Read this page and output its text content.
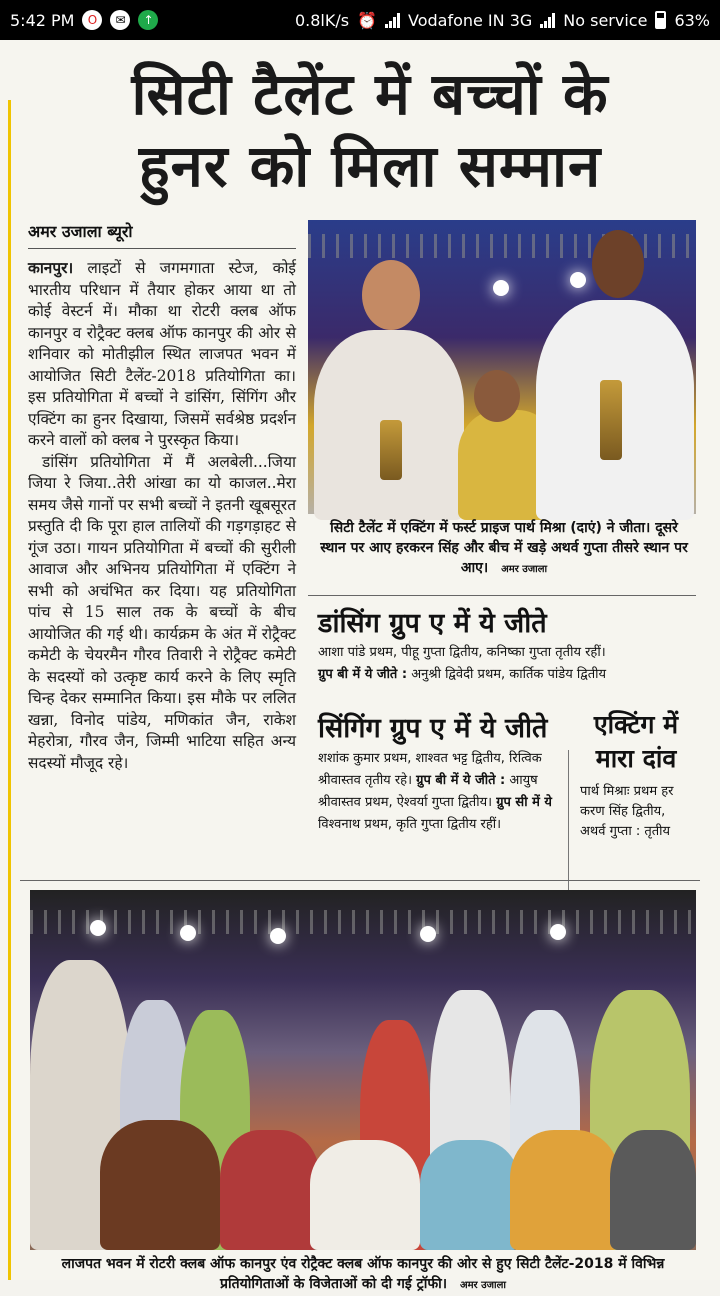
5:42 PM	O	✉	↑	0.8lK/s ⏰ Vodafone IN 3G No service 63%
सिटी टैलेंट में बच्चों के
हुनर को मिला सम्मान
अमर उजाला ब्यूरो

कानपुर। लाइटों से जगमगाता स्टेज, कोई भारतीय परिधान में तैयार होकर आया था तो कोई वेस्टर्न में। मौका था रोटरी क्लब ऑफ कानपुर व रोट्रैक्ट क्लब ऑफ कानपुर की ओर से शनिवार को मोतीझील स्थित लाजपत भवन में आयोजित सिटी टैलेंट-2018 प्रतियोगिता का। इस प्रतियोगिता में बच्चों ने डांसिंग, सिंगिंग और एक्टिंग का हुनर दिखाया, जिसमें सर्वश्रेष्ठ प्रदर्शन करने वालों को क्लब ने पुरस्कृत किया।

डांसिंग प्रतियोगिता में मैं अलबेली...जिया जिया रे जिया..तेरी आंखा का यो काजल..मेरा समय जैसे गानों पर सभी बच्चों ने इतनी खूबसूरत प्रस्तुति दी कि पूरा हाल तालियों की गड़गड़ाहट से गूंज उठा। गायन प्रतियोगिता में बच्चों की सुरीली आवाज और अभिनय प्रतियोगिता में एक्टिंग ने सभी को अचंभित कर दिया। यह प्रतियोगिता पांच से 15 साल तक के बच्चों के बीच आयोजित की गई थी। कार्यक्रम के अंत में रोट्रैक्ट कमेटी के चेयरमैन गौरव तिवारी ने रोट्रैक्ट कमेटी के सदस्यों को उत्कृष्ट कार्य करने के लिए स्मृति चिन्ह देकर सम्मानित किया। इस मौके पर ललित खन्ना, विनोद पांडेय, मणिकांत जैन, राकेश मेहरोत्रा, गौरव जैन, जिम्मी भाटिया सहित अन्य सदस्यों मौजूद रहे।

सिटी टैलेंट में एक्टिंग में फर्स्ट प्राइज पार्थ मिश्रा (दाएं) ने जीता। दूसरे स्थान पर आए हरकरन सिंह और बीच में खड़े अथर्व गुप्ता तीसरे स्थान पर आए। अमर उजाला
डांसिंग ग्रुप ए में ये जीते
आशा पांडे प्रथम, पीहू गुप्ता द्वितीय, कनिष्का गुप्ता तृतीय रहीं।
ग्रुप बी में ये जीते : अनुश्री द्विवेदी प्रथम, कार्तिक पांडेय द्वितीय
सिंगिंग ग्रुप ए में ये जीते
शशांक कुमार प्रथम, शाश्वत भट्ट द्वितीय, रित्विक श्रीवास्तव तृतीय रहे। ग्रुप बी में ये जीते : आयुष श्रीवास्तव प्रथम, ऐश्वर्या गुप्ता द्वितीय। ग्रुप सी में ये विश्वनाथ प्रथम, कृति गुप्ता द्वितीय रहीं।
एक्टिंग में मारा दांव
पार्थ मिश्राः प्रथम हर करण सिंह द्वितीय, अथर्व गुप्ता : तृतीय
लाजपत भवन में रोटरी क्लब ऑफ कानपुर एंव रोट्रैक्ट क्लब ऑफ कानपुर की ओर से हुए सिटी टैलेंट-2018 में विभिन्न प्रतियोगिताओं के विजेताओं को दी गई ट्रॉफी। अमर उजाला
